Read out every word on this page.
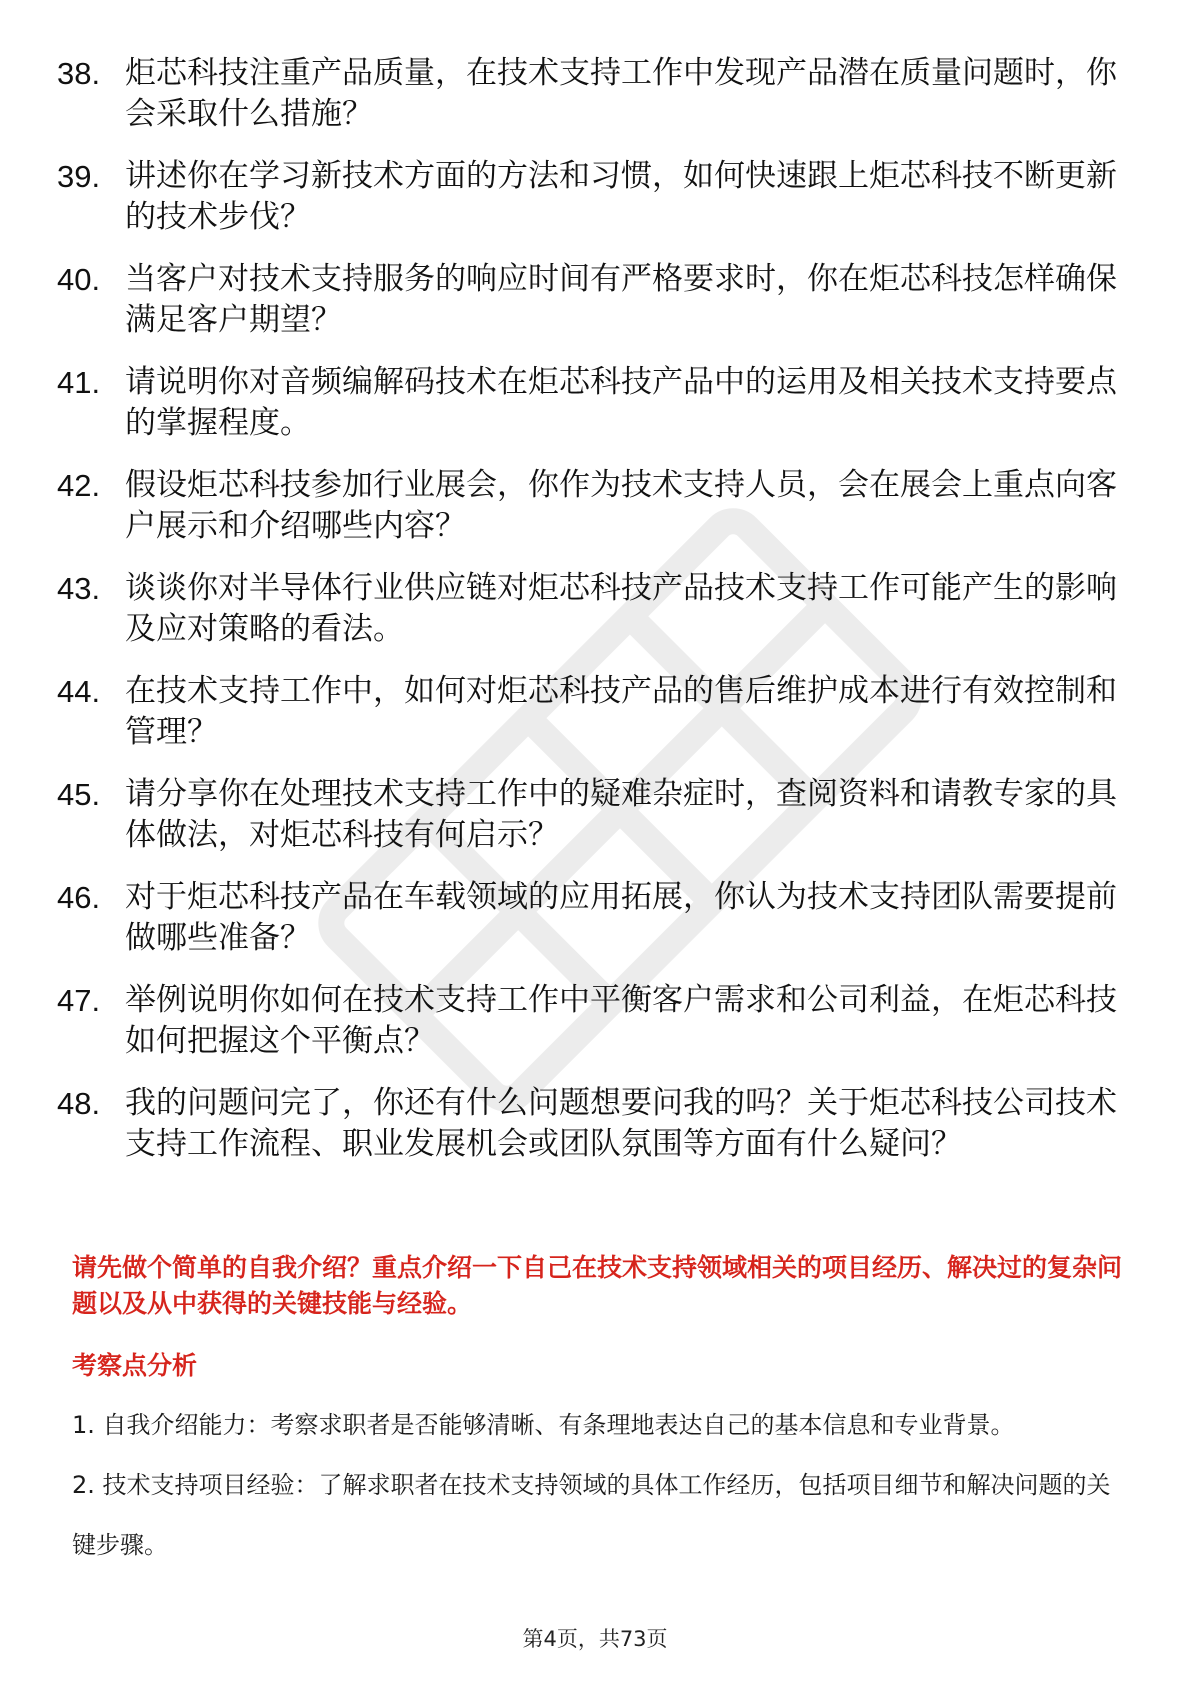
38. 炬芯科技注重产品质量，在技术支持工作中发现产品潜在质量问题时，你会采取什么措施？
39. 讲述你在学习新技术方面的方法和习惯，如何快速跟上炬芯科技不断更新的技术步伐？
40. 当客户对技术支持服务的响应时间有严格要求时，你在炬芯科技怎样确保满足客户期望？
41. 请说明你对音频编解码技术在炬芯科技产品中的运用及相关技术支持要点的掌握程度。
42. 假设炬芯科技参加行业展会，你作为技术支持人员，会在展会上重点向客户展示和介绍哪些内容？
43. 谈谈你对半导体行业供应链对炬芯科技产品技术支持工作可能产生的影响及应对策略的看法。
44. 在技术支持工作中，如何对炬芯科技产品的售后维护成本进行有效控制和管理？
45. 请分享你在处理技术支持工作中的疑难杂症时，查阅资料和请教专家的具体做法，对炬芯科技有何启示？
46. 对于炬芯科技产品在车载领域的应用拓展，你认为技术支持团队需要提前做哪些准备？
47. 举例说明你如何在技术支持工作中平衡客户需求和公司利益，在炬芯科技如何把握这个平衡点？
48. 我的问题问完了，你还有什么问题想要问我的吗？关于炬芯科技公司技术支持工作流程、职业发展机会或团队氛围等方面有什么疑问？
请先做个简单的自我介绍？重点介绍一下自己在技术支持领域相关的项目经历、解决过的复杂问题以及从中获得的关键技能与经验。
考察点分析
1. 自我介绍能力：考察求职者是否能够清晰、有条理地表达自己的基本信息和专业背景。
2. 技术支持项目经验：了解求职者在技术支持领域的具体工作经历，包括项目细节和解决问题的关键步骤。
第4页，共73页
